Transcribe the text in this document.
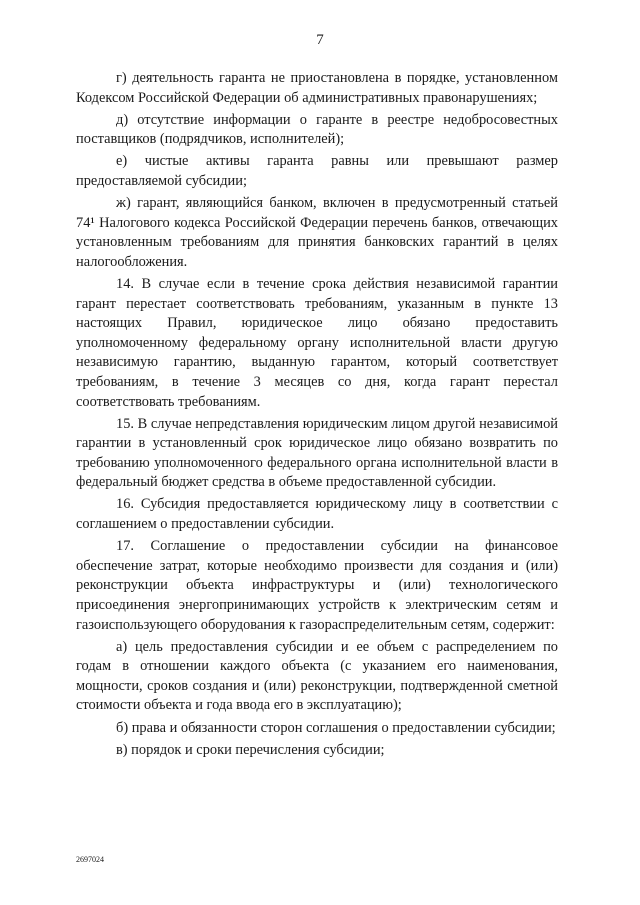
7

г) деятельность гаранта не приостановлена в порядке, установленном Кодексом Российской Федерации об административных правонарушениях;

д) отсутствие информации о гаранте в реестре недобросовестных поставщиков (подрядчиков, исполнителей);

е) чистые активы гаранта равны или превышают размер предоставляемой субсидии;

ж) гарант, являющийся банком, включен в предусмотренный статьей 74¹ Налогового кодекса Российской Федерации перечень банков, отвечающих установленным требованиям для принятия банковских гарантий в целях налогообложения.

14. В случае если в течение срока действия независимой гарантии гарант перестает соответствовать требованиям, указанным в пункте 13 настоящих Правил, юридическое лицо обязано предоставить уполномоченному федеральному органу исполнительной власти другую независимую гарантию, выданную гарантом, который соответствует требованиям, в течение 3 месяцев со дня, когда гарант перестал соответствовать требованиям.

15. В случае непредставления юридическим лицом другой независимой гарантии в установленный срок юридическое лицо обязано возвратить по требованию уполномоченного федерального органа исполнительной власти в федеральный бюджет средства в объеме предоставленной субсидии.

16. Субсидия предоставляется юридическому лицу в соответствии с соглашением о предоставлении субсидии.

17. Соглашение о предоставлении субсидии на финансовое обеспечение затрат, которые необходимо произвести для создания и (или) реконструкции объекта инфраструктуры и (или) технологического присоединения энергопринимающих устройств к электрическим сетям и газоиспользующего оборудования к газораспределительным сетям, содержит:

а) цель предоставления субсидии и ее объем с распределением по годам в отношении каждого объекта (с указанием его наименования, мощности, сроков создания и (или) реконструкции, подтвержденной сметной стоимости объекта и года ввода его в эксплуатацию);

б) права и обязанности сторон соглашения о предоставлении субсидии;

в) порядок и сроки перечисления субсидии;

2697024
